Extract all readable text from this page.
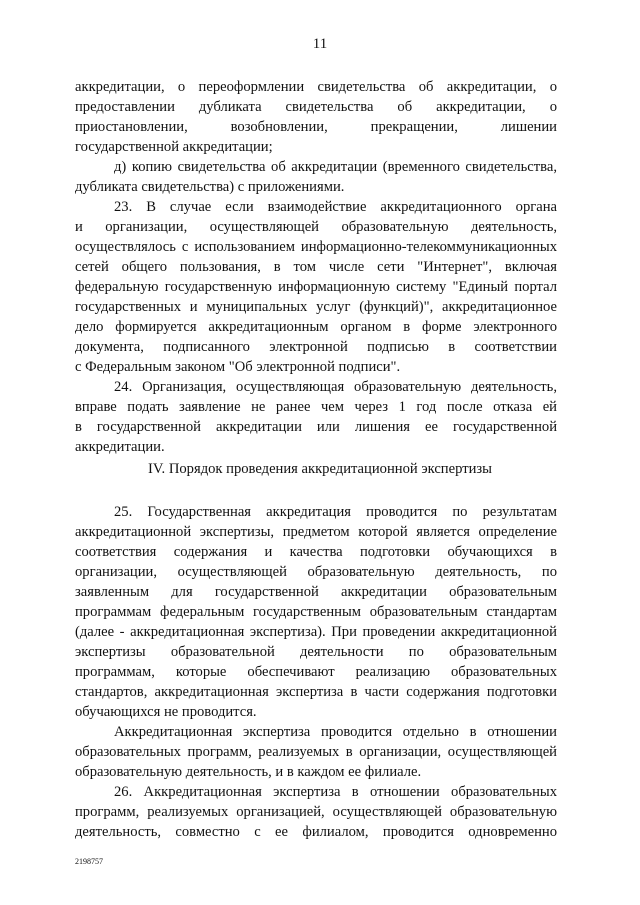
11
аккредитации, о переоформлении свидетельства об аккредитации, о
предоставлении дубликата свидетельства об аккредитации, о
приостановлении, возобновлении, прекращении, лишении
государственной аккредитации;
д) копию свидетельства об аккредитации (временного свидетельства,
дубликата свидетельства) с приложениями.
23. В случае если взаимодействие аккредитационного органа
и организации, осуществляющей образовательную деятельность,
осуществлялось с использованием информационно-телекоммуникационных
сетей общего пользования, в том числе сети "Интернет", включая
федеральную государственную информационную систему "Единый портал
государственных и муниципальных услуг (функций)", аккредитационное
дело формируется аккредитационным органом в форме электронного
документа, подписанного электронной подписью в соответствии
с Федеральным законом "Об электронной подписи".
24. Организация, осуществляющая образовательную деятельность,
вправе подать заявление не ранее чем через 1 год после отказа ей
в государственной аккредитации или лишения ее государственной
аккредитации.
25. Государственная аккредитация проводится по результатам
аккредитационной экспертизы, предметом которой является определение
соответствия содержания и качества подготовки обучающихся в
организации, осуществляющей образовательную деятельность, по
заявленным для государственной аккредитации образовательным
программам федеральным государственным образовательным стандартам
(далее - аккредитационная экспертиза). При проведении аккредитационной
экспертизы образовательной деятельности по образовательным
программам, которые обеспечивают реализацию образовательных
стандартов, аккредитационная экспертиза в части содержания подготовки
обучающихся не проводится.
Аккредитационная экспертиза проводится отдельно в отношении
образовательных программ, реализуемых в организации, осуществляющей
образовательную деятельность, и в каждом ее филиале.
26. Аккредитационная экспертиза в отношении образовательных
программ, реализуемых организацией, осуществляющей образовательную
деятельность, совместно с ее филиалом, проводится одновременно
IV. Порядок проведения аккредитационной экспертизы
2198757
